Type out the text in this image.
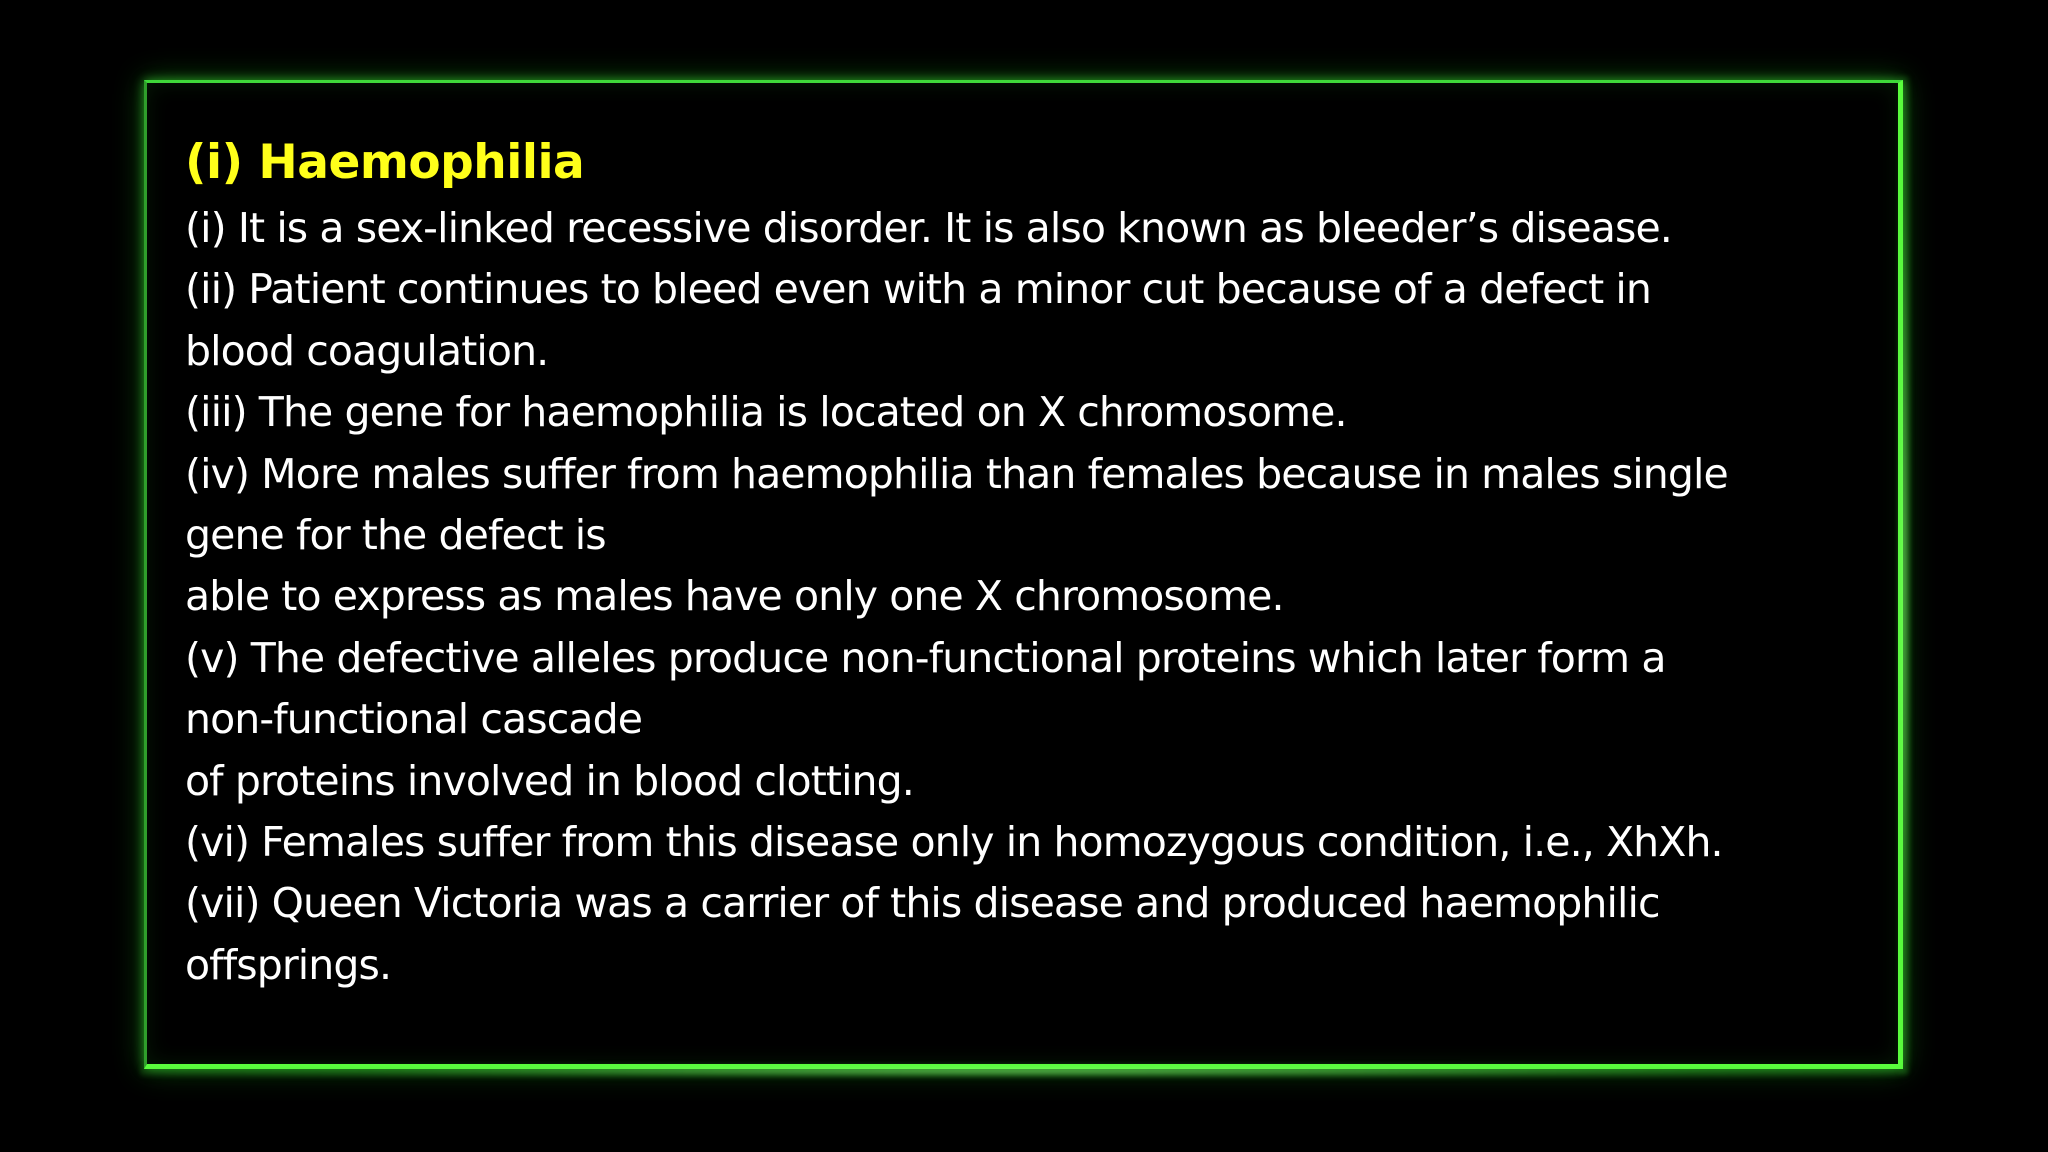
(i) Haemophilia

(i) It is a sex-linked recessive disorder. It is also known as bleeder’s disease.

(ii) Patient continues to bleed even with a minor cut because of a defect in

blood coagulation.

(iii) The gene for haemophilia is located on X chromosome.

(iv) More males suffer from haemophilia than females because in males single

gene for the defect is

able to express as males have only one X chromosome.

(v) The defective alleles produce non-functional proteins which later form a

non-functional cascade

of proteins involved in blood clotting.

(vi) Females suffer from this disease only in homozygous condition, i.e., XhXh.

(vii) Queen Victoria was a carrier of this disease and produced haemophilic

offsprings.
